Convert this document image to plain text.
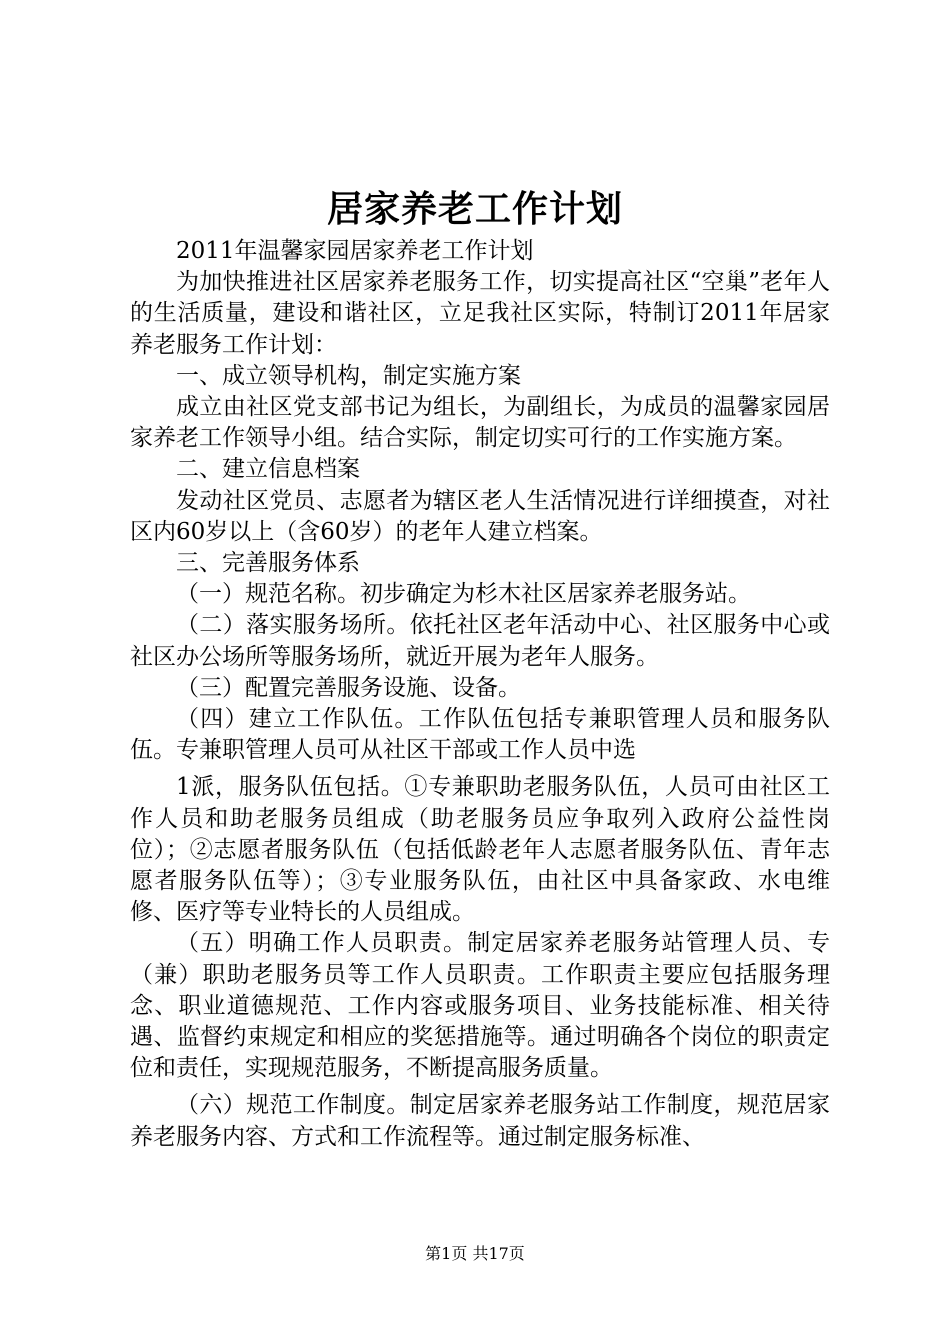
居家养老工作计划

2011年温馨家园居家养老工作计划

为加快推进社区居家养老服务工作，切实提高社区“空巢”老年人的生活质量，建设和谐社区，立足我社区实际，特制订2011年居家养老服务工作计划：

一、成立领导机构，制定实施方案

成立由社区党支部书记为组长，为副组长，为成员的温馨家园居家养老工作领导小组。结合实际，制定切实可行的工作实施方案。

二、建立信息档案

发动社区党员、志愿者为辖区老人生活情况进行详细摸查，对社区内60岁以上（含60岁）的老年人建立档案。

三、完善服务体系

（一）规范名称。初步确定为杉木社区居家养老服务站。

（二）落实服务场所。依托社区老年活动中心、社区服务中心或社区办公场所等服务场所，就近开展为老年人服务。

（三）配置完善服务设施、设备。

（四）建立工作队伍。工作队伍包括专兼职管理人员和服务队伍。专兼职管理人员可从社区干部或工作人员中选

1派，服务队伍包括。①专兼职助老服务队伍，人员可由社区工作人员和助老服务员组成（助老服务员应争取列入政府公益性岗位）；②志愿者服务队伍（包括低龄老年人志愿者服务队伍、青年志愿者服务队伍等）；③专业服务队伍，由社区中具备家政、水电维修、医疗等专业特长的人员组成。

（五）明确工作人员职责。制定居家养老服务站管理人员、专（兼）职助老服务员等工作人员职责。工作职责主要应包括服务理念、职业道德规范、工作内容或服务项目、业务技能标准、相关待遇、监督约束规定和相应的奖惩措施等。通过明确各个岗位的职责定位和责任，实现规范服务，不断提高服务质量。

（六）规范工作制度。制定居家养老服务站工作制度，规范居家养老服务内容、方式和工作流程等。通过制定服务标准、

第1页 共17页
